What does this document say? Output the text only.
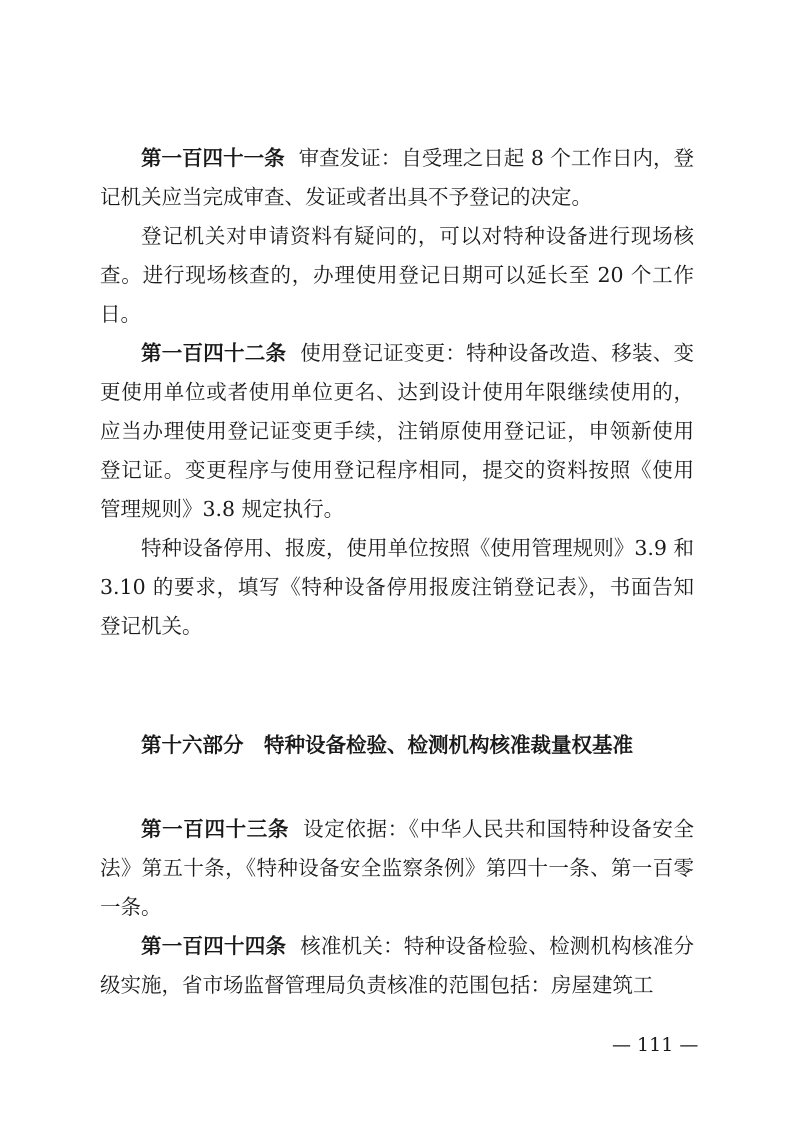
第一百四十一条 审查发证：自受理之日起 8 个工作日内，登记机关应当完成审查、发证或者出具不予登记的决定。

登记机关对申请资料有疑问的，可以对特种设备进行现场核查。进行现场核查的，办理使用登记日期可以延长至 20 个工作日。

第一百四十二条 使用登记证变更：特种设备改造、移装、变更使用单位或者使用单位更名、达到设计使用年限继续使用的，应当办理使用登记证变更手续，注销原使用登记证，申领新使用登记证。变更程序与使用登记程序相同，提交的资料按照《使用管理规则》3.8 规定执行。

特种设备停用、报废，使用单位按照《使用管理规则》3.9 和 3.10 的要求，填写《特种设备停用报废注销登记表》，书面告知登记机关。

第十六部分　特种设备检验、检测机构核准裁量权基准

第一百四十三条 设定依据：《中华人民共和国特种设备安全法》第五十条，《特种设备安全监察条例》第四十一条、第一百零一条。

第一百四十四条 核准机关：特种设备检验、检测机构核准分级实施，省市场监督管理局负责核准的范围包括：房屋建筑工

— 111 —
